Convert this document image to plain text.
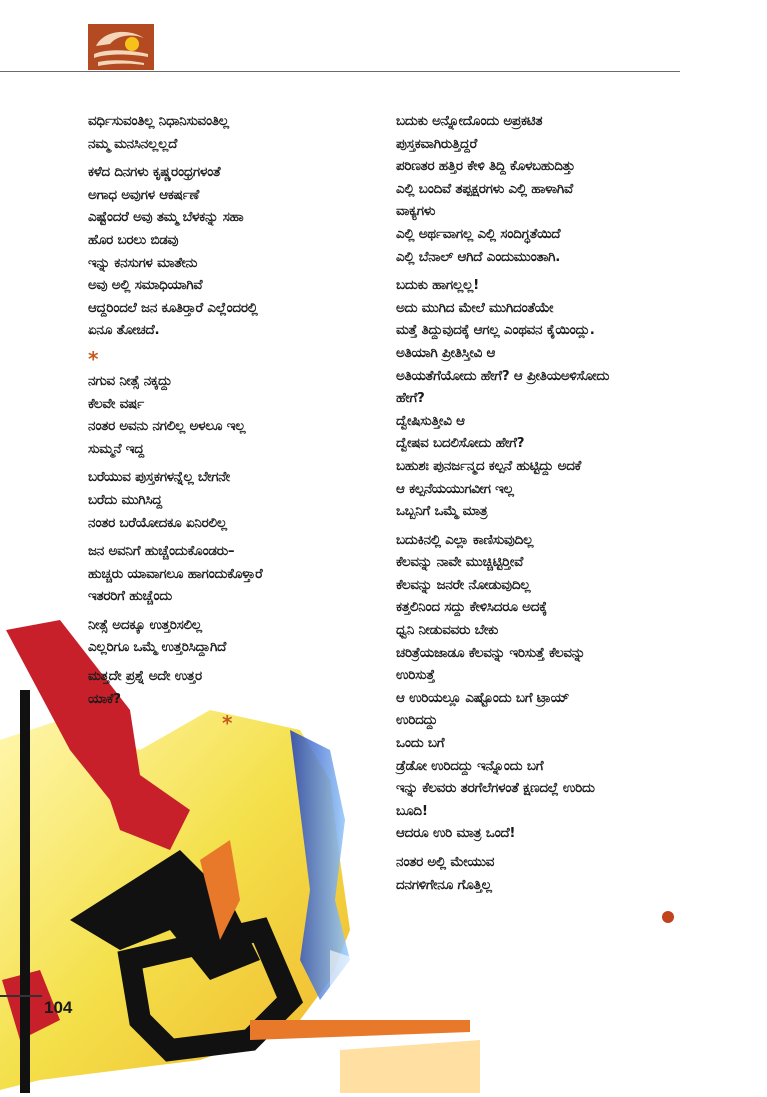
ವರ್ಧಿಸುವಂತಿಲ್ಲ ನಿಧಾನಿಸುವಂತಿಲ್ಲ
ನಮ್ಮ ಮನಸಿನಲ್ಲಲ್ಲದೆ
ಕಳೆದ ದಿನಗಳು ಕೃಷ್ಣರಂಧ್ರಗಳಂತೆ
ಅಗಾಧ ಅವುಗಳ ಆಕರ್ಷಣೆ
ಎಷ್ಟೆಂದರೆ ಅವು ತಮ್ಮ ಬೆಳಕನ್ನು ಸಹಾ
ಹೊರ ಬರಲು ಬಿಡವು
ಇನ್ನು ಕನಸುಗಳ ಮಾತೇನು
ಅವು ಅಲ್ಲಿ ಸಮಾಧಿಯಾಗಿವೆ
ಆದ್ದರಿಂದಲೆ ಜನ ಕೂತಿರ್‍ತಾರೆ ಎಲ್ಲೆಂದರಲ್ಲಿ
ಏನೂ ತೋಚದೆ.
*
ನಗುವ ನೀತ್ಸೆ ನಕ್ಕದ್ದು
ಕೆಲವೇ ವರ್ಷ
ನಂತರ ಅವನು ನಗಲಿಲ್ಲ ಅಳಲೂ ಇಲ್ಲ
ಸುಮ್ಮನೆ ಇದ್ದ
ಬರೆಯುವ ಪುಸ್ತಕಗಳನ್ನೆಲ್ಲ ಬೇಗನೇ
ಬರೆದು ಮುಗಿಸಿದ್ದ
ನಂತರ ಬರೆಯೋದಕೂ ಏನಿರಲಿಲ್ಲ
ಜನ ಅವನಿಗೆ ಹುಚ್ಚೆಂದುಕೊಂಡರು–
ಹುಚ್ಚರು ಯಾವಾಗಲೂ ಹಾಗಂದುಕೊಳ್ತಾರೆ
ಇತರರಿಗೆ ಹುಚ್ಚೆಂದು
ನೀತ್ಸೆ ಅದಕ್ಕೂ ಉತ್ತರಿಸಲಿಲ್ಲ
ಎಲ್ಲರಿಗೂ ಒಮ್ಮೆ ಉತ್ತರಿಸಿದ್ದಾಗಿದೆ
ಮತ್ತದೇ ಪ್ರಶ್ನೆ ಅದೇ ಉತ್ತರ
ಯಾಕೆ?
*
ಬದುಕು ಅನ್ನೋದೊಂದು ಅಪ್ರಕಟಿತ
ಪುಸ್ತಕವಾಗಿರುತ್ತಿದ್ದರೆ
ಪರಿಣತರ ಹತ್ತಿರ ಕೇಳಿ ತಿದ್ದಿ ಕೊಳಬಹುದಿತ್ತು
ಎಲ್ಲಿ ಬಂದಿವೆ ತಪ್ಪಕ್ಷರಗಳು ಎಲ್ಲಿ ಹಾಳಾಗಿವೆ
ವಾಕ್ಯಗಳು
ಎಲ್ಲಿ ಅರ್ಥವಾಗಲ್ಲ ಎಲ್ಲಿ ಸಂದಿಗ್ಧತೆಯಿದೆ
ಎಲ್ಲಿ ಬೆನಾಲ್ ಆಗಿದೆ ಎಂದುಮುಂತಾಗಿ.
ಬದುಕು ಹಾಗಲ್ಲಲ್ಲ!
ಅದು ಮುಗಿದ ಮೇಲೆ ಮುಗಿದಂತೆಯೇ
ಮತ್ತೆ ತಿದ್ದುವುದಕ್ಕೆ ಆಗಲ್ಲ ಎಂಥವನ ಕೈಯಿಂದ್ಲು.
ಅತಿಯಾಗಿ ಪ್ರೀತಿಸ್ತೀವಿ ಆ
ಅತಿಯತೆಗೆಯೋದು ಹೇಗೆ? ಆ ಪ್ರೀತಿಯಅಳಿಸೋದು
ಹೇಗೆ?
ದ್ವೇಷಿಸುತ್ತೀವಿ ಆ
ದ್ವೇಷವ ಬದಲಿಸೋದು ಹೇಗೆ?
ಬಹುಶಃ ಪುನರ್ಜನ್ಮದ ಕಲ್ಪನೆ ಹುಟ್ಟಿದ್ದು ಅದಕೆ
ಆ ಕಲ್ಪನೆಯಯುಗವೀಗ ಇಲ್ಲ
ಒಬ್ಬನಿಗೆ ಒಮ್ಮೆ ಮಾತ್ರ
ಬದುಕಿನಲ್ಲಿ ಎಲ್ಲಾ ಕಾಣಿಸುವುದಿಲ್ಲ
ಕೆಲವನ್ನು ನಾವೇ ಮುಚ್ಚಿಟ್ಟಿರ್‍ತೀವೆ
ಕೆಲವನ್ನು ಜನರೇ ನೋಡುವುದಿಲ್ಲ
ಕತ್ತಲಿನಿಂದ ಸದ್ದು ಕೇಳಿಸಿದರೂ ಅದಕ್ಕೆ
ಧ್ವನಿ ನೀಡುವವರು ಬೇಕು
ಚರಿತ್ರೆಯಜಾಡೂ ಕೆಲವನ್ನು ಇರಿಸುತ್ತೆ ಕೆಲವನ್ನು
ಉರಿಸುತ್ತೆ
ಆ ಉರಿಯಲ್ಲೂ ಎಷ್ಟೊಂದು ಬಗೆ ಟ್ರಾಯ್
ಉರಿದದ್ದು
ಒಂದು ಬಗೆ
ಡ್ರೆಡೋ ಉರಿದದ್ದು ಇನ್ನೊಂದು ಬಗೆ
ಇನ್ನು ಕೆಲವರು ತರಗೆಲೆಗಳಂತೆ ಕ್ಷಣದಲ್ಲೆ ಉರಿದು
ಬೂದಿ!
ಆದರೂ ಉರಿ ಮಾತ್ರ ಒಂದೆ!
ನಂತರ ಅಲ್ಲಿ ಮೇಯುವ
ದನಗಳಿಗೇನೂ ಗೊತ್ತಿಲ್ಲ
104
